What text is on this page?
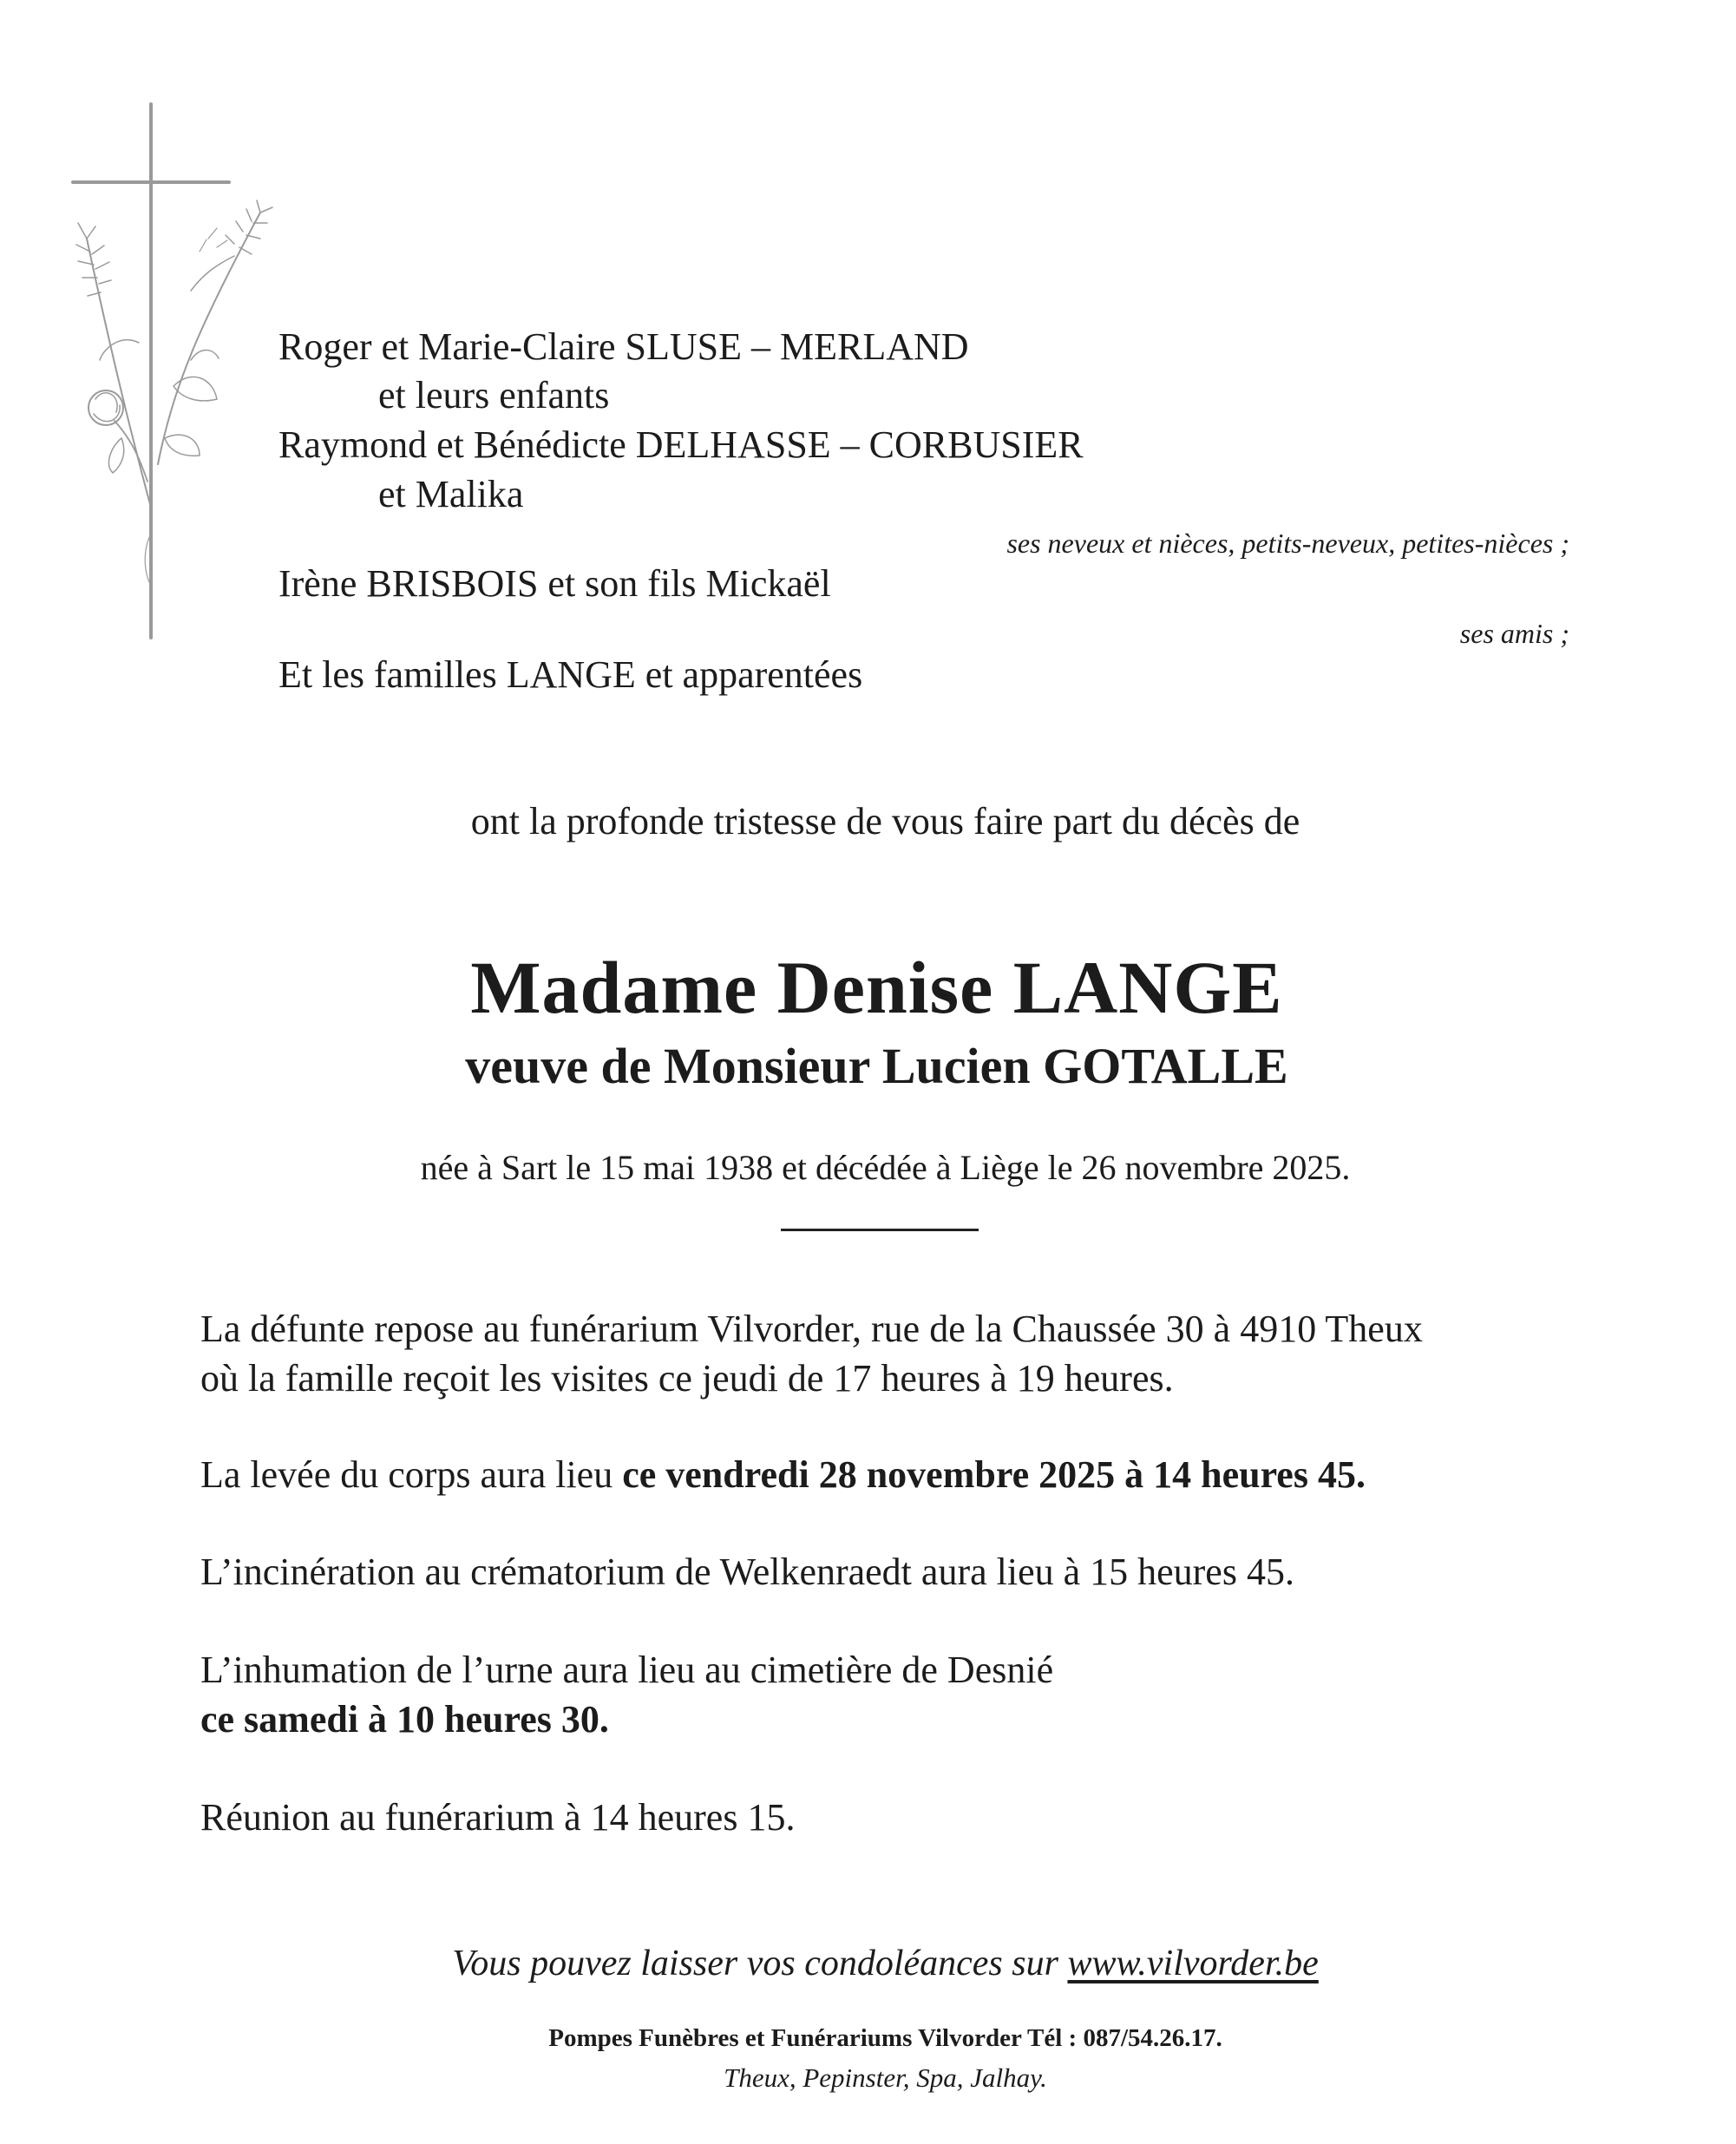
Roger et Marie-Claire SLUSE – MERLAND
et leurs enfants
Raymond et Bénédicte DELHASSE – CORBUSIER
et Malika
ses neveux et nièces, petits-neveux, petites-nièces ;
Irène BRISBOIS et son fils Mickaël
ses amis ;
Et les familles LANGE et apparentées
ont la profonde tristesse de vous faire part du décès de
Madame Denise LANGE
veuve de Monsieur Lucien GOTALLE
née à Sart le 15 mai 1938 et décédée à Liège le 26 novembre 2025.
La défunte repose au funérarium Vilvorder, rue de la Chaussée 30 à 4910 Theux
où la famille reçoit les visites ce jeudi de 17 heures à 19 heures.
La levée du corps aura lieu ce vendredi 28 novembre 2025 à 14 heures 45.
L’incinération au crématorium de Welkenraedt aura lieu à 15 heures 45.
L’inhumation de l’urne aura lieu au cimetière de Desnié
ce samedi à 10 heures 30.
Réunion au funérarium à 14 heures 15.
Vous pouvez laisser vos condoléances sur www.vilvorder.be
Pompes Funèbres et Funérariums Vilvorder Tél : 087/54.26.17.
Theux, Pepinster, Spa, Jalhay.
